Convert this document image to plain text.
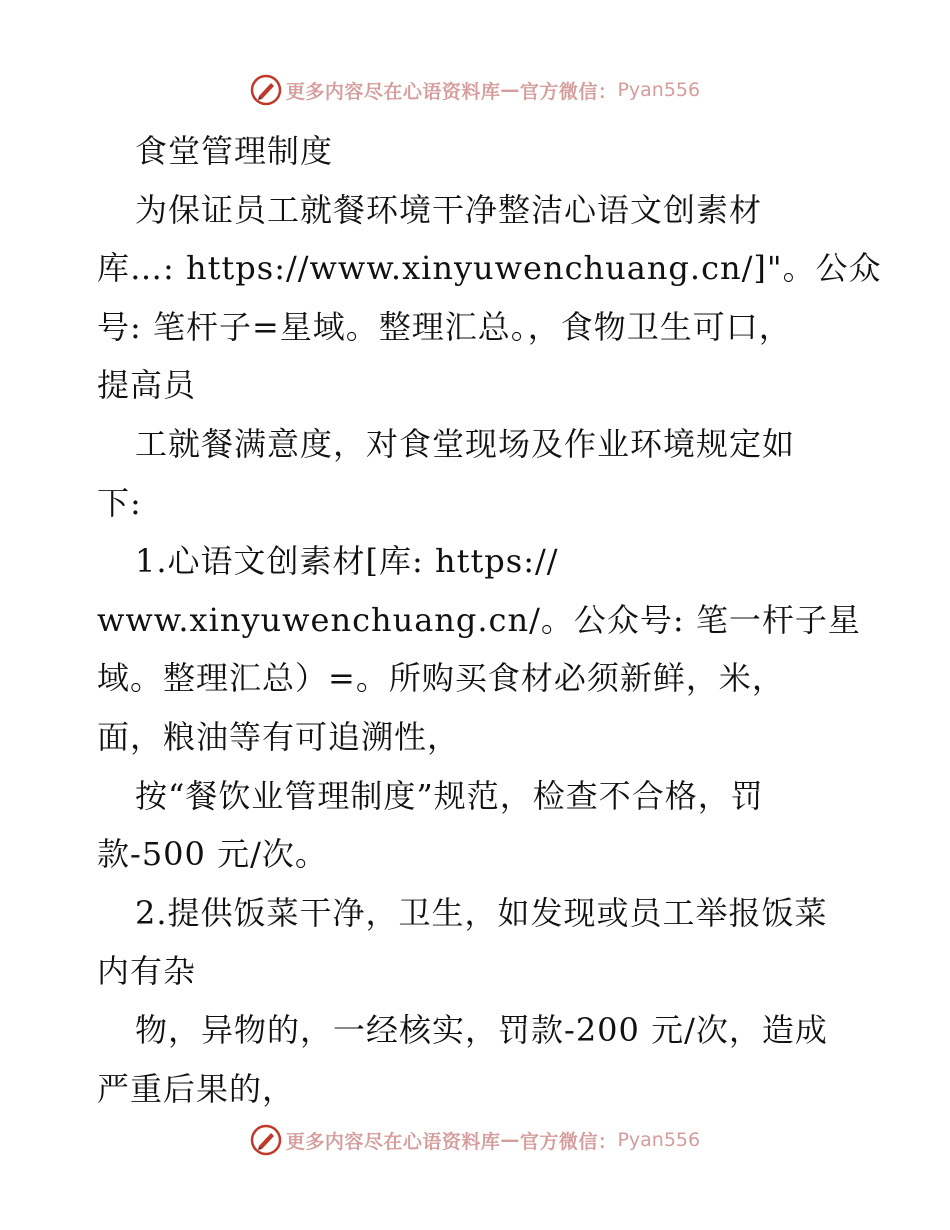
更多内容尽在心语资料库 — 官方微信： Pyan556
食堂管理制度
为保证员工就餐环境干净整洁心语文创素材
库…: https://www.xinyuwenchuang.cn/]"。公众
号: 笔杆子=星域。整理汇总。，食物卫生可口，
提高员
工就餐满意度，对食堂现场及作业环境规定如
下:
1.心语文创素材[库: https://
www.xinyuwenchuang.cn/。公众号: 笔一杆子星
域。整理汇总）=。所购买食材必须新鲜，米，
面，粮油等有可追溯性，
按“餐饮业管理制度”规范，检查不合格，罚
款-500 元/次。
2.提供饭菜干净，卫生，如发现或员工举报饭菜
内有杂
物，异物的，一经核实，罚款-200 元/次，造成
严重后果的，
更多内容尽在心语资料库 — 官方微信： Pyan556
